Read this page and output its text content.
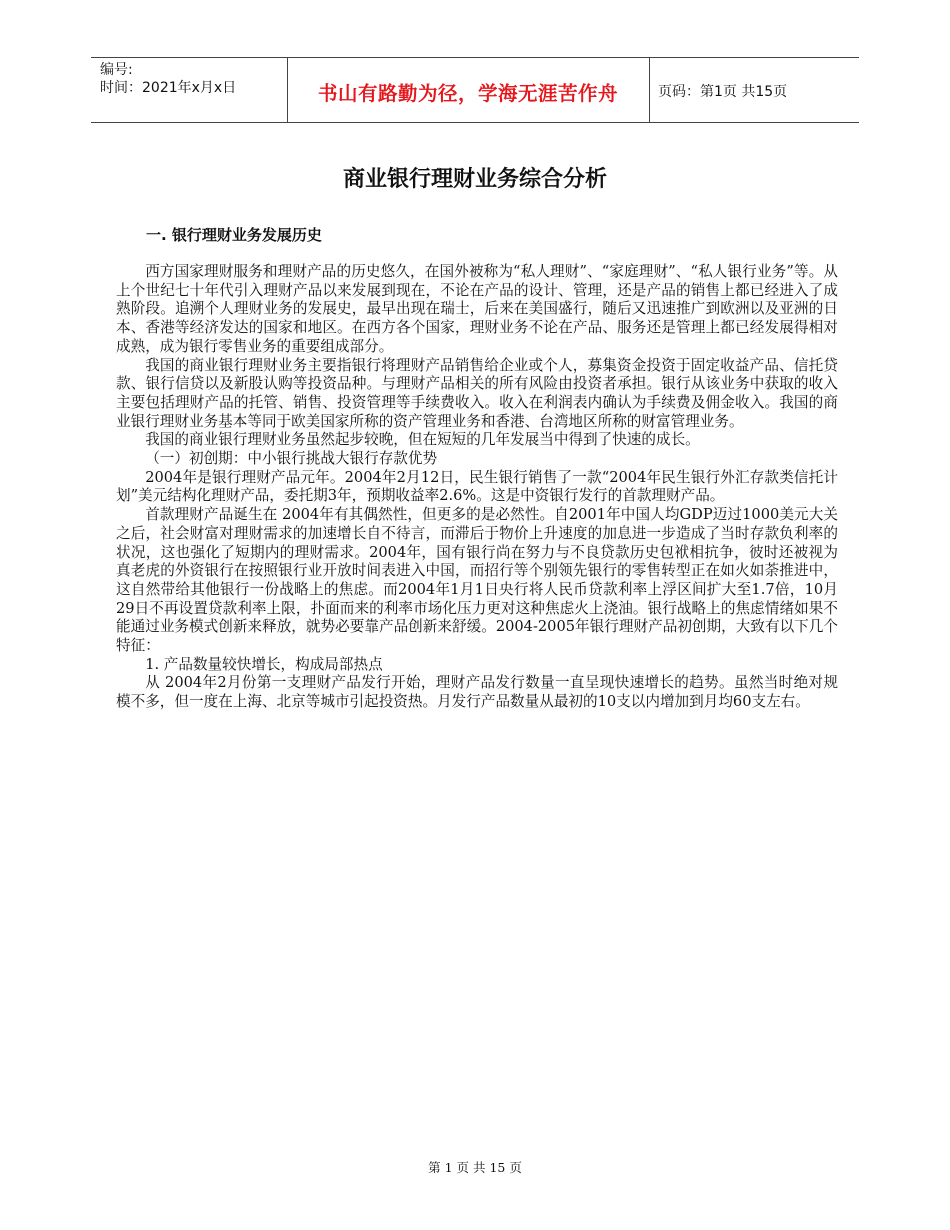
编号:
时间：2021年x月x日	书山有路勤为径，学海无涯苦作舟	页码：第1页 共15页
商业银行理财业务综合分析
一. 银行理财业务发展历史

西方国家理财服务和理财产品的历史悠久，在国外被称为“私人理财”、“家庭理财”、“私人银行业务”等。从上个世纪七十年代引入理财产品以来发展到现在，不论在产品的设计、管理，还是产品的销售上都已经进入了成熟阶段。追溯个人理财业务的发展史，最早出现在瑞士，后来在美国盛行，随后又迅速推广到欧洲以及亚洲的日本、香港等经济发达的国家和地区。在西方各个国家，理财业务不论在产品、服务还是管理上都已经发展得相对成熟，成为银行零售业务的重要组成部分。

我国的商业银行理财业务主要指银行将理财产品销售给企业或个人，募集资金投资于固定收益产品、信托贷款、银行信贷以及新股认购等投资品种。与理财产品相关的所有风险由投资者承担。银行从该业务中获取的收入主要包括理财产品的托管、销售、投资管理等手续费收入。收入在利润表内确认为手续费及佣金收入。我国的商业银行理财业务基本等同于欧美国家所称的资产管理业务和香港、台湾地区所称的财富管理业务。

我国的商业银行理财业务虽然起步较晚，但在短短的几年发展当中得到了快速的成长。

（一）初创期：中小银行挑战大银行存款优势

2004年是银行理财产品元年。2004年2月12日，民生银行销售了一款“2004年民生银行外汇存款类信托计划”美元结构化理财产品，委托期3年，预期收益率2.6%。这是中资银行发行的首款理财产品。

首款理财产品诞生在 2004年有其偶然性，但更多的是必然性。自2001年中国人均GDP迈过1000美元大关之后，社会财富对理财需求的加速增长自不待言，而滞后于物价上升速度的加息进一步造成了当时存款负利率的状况，这也强化了短期内的理财需求。2004年，国有银行尚在努力与不良贷款历史包袱相抗争，彼时还被视为真老虎的外资银行在按照银行业开放时间表进入中国，而招行等个别领先银行的零售转型正在如火如荼推进中，这自然带给其他银行一份战略上的焦虑。而2004年1月1日央行将人民币贷款利率上浮区间扩大至1.7倍，10月29日不再设置贷款利率上限，扑面而来的利率市场化压力更对这种焦虑火上浇油。银行战略上的焦虑情绪如果不能通过业务模式创新来释放，就势必要靠产品创新来舒缓。2004-2005年银行理财产品初创期，大致有以下几个特征：

1. 产品数量较快增长，构成局部热点

从 2004年2月份第一支理财产品发行开始，理财产品发行数量一直呈现快速增长的趋势。虽然当时绝对规模不多，但一度在上海、北京等城市引起投资热。月发行产品数量从最初的10支以内增加到月均60支左右。

第 1 页 共 15 页
